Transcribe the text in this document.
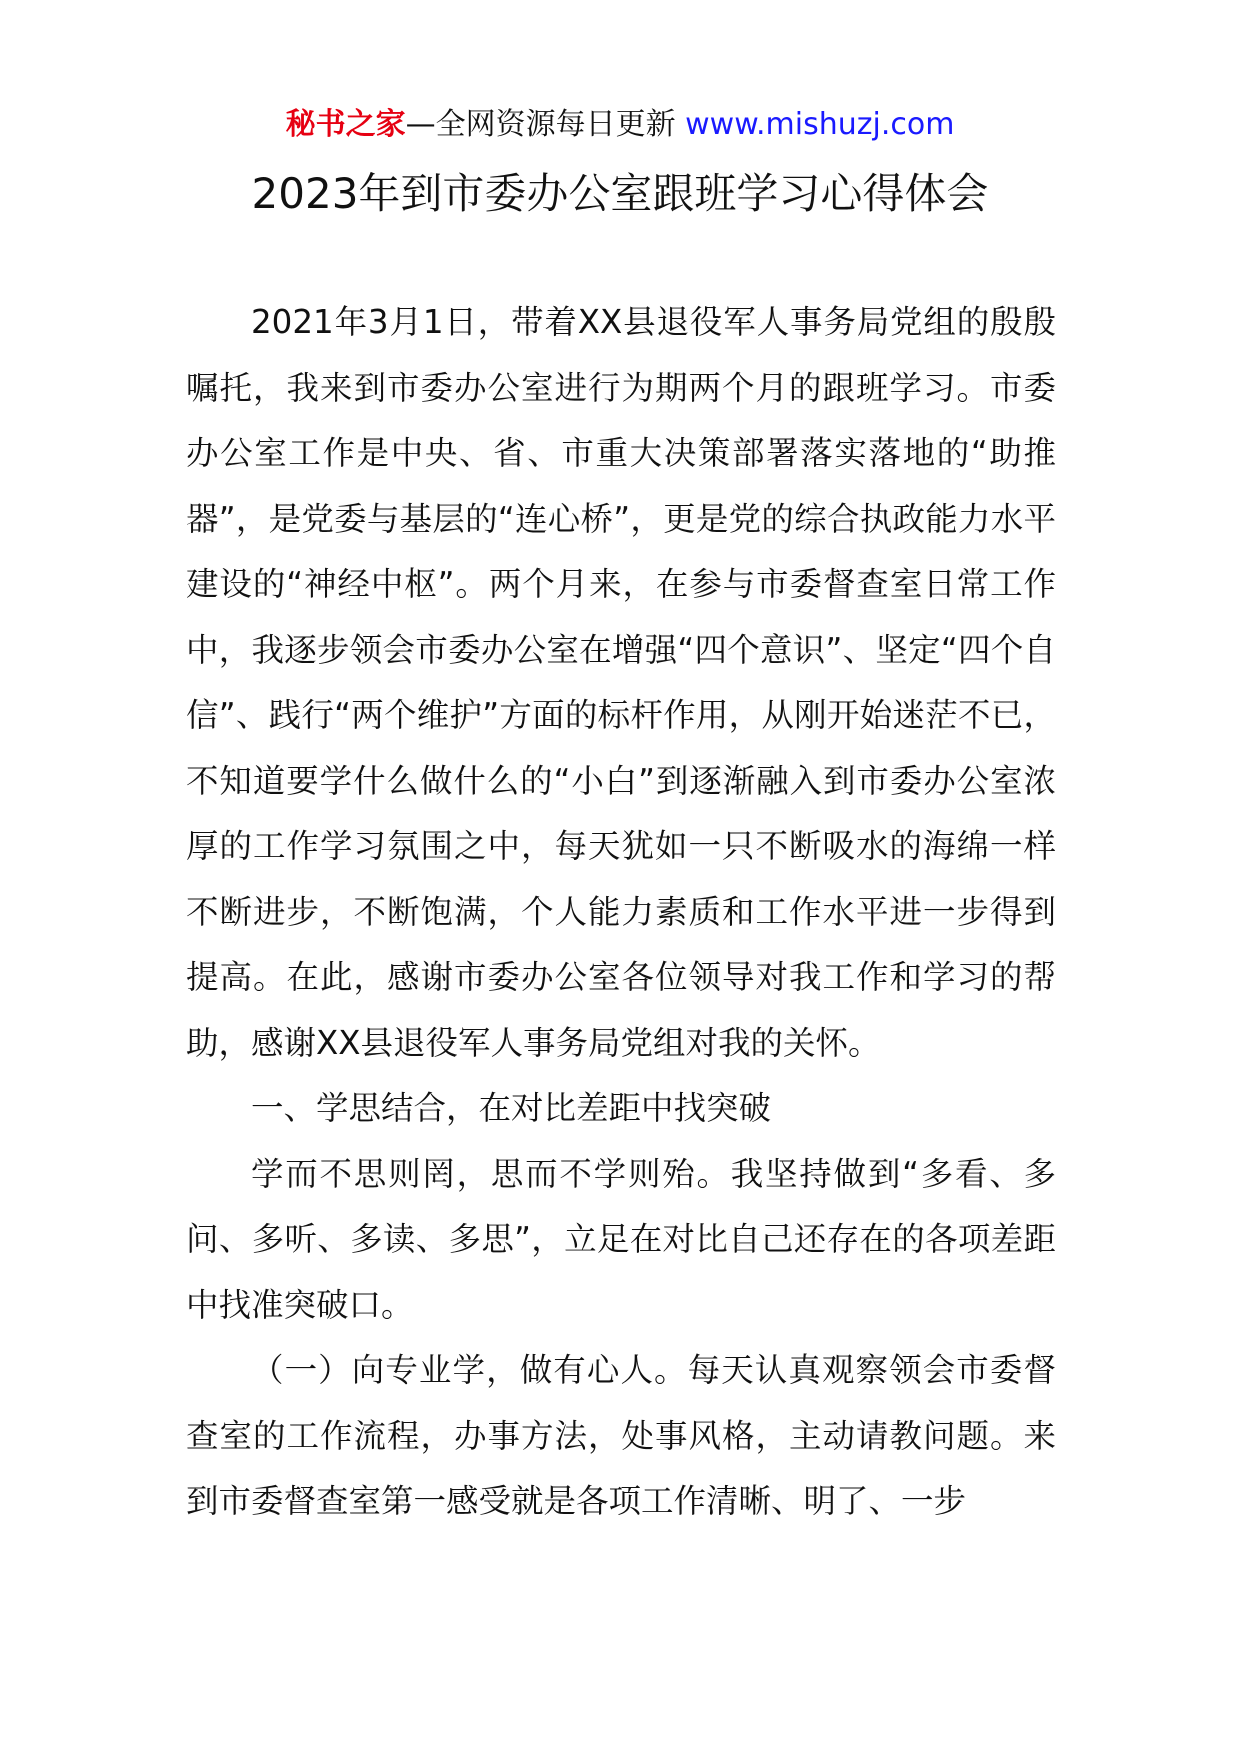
秘书之家—全网资源每日更新 www.mishuzj.com
2023年到市委办公室跟班学习心得体会

2021年3月1日，带着XX县退役军人事务局党组的殷殷嘱托，我来到市委办公室进行为期两个月的跟班学习。市委办公室工作是中央、省、市重大决策部署落实落地的“助推器”，是党委与基层的“连心桥”，更是党的综合执政能力水平建设的“神经中枢”。两个月来，在参与市委督查室日常工作中，我逐步领会市委办公室在增强“四个意识”、坚定“四个自信”、践行“两个维护”方面的标杆作用，从刚开始迷茫不已，不知道要学什么做什么的“小白”到逐渐融入到市委办公室浓厚的工作学习氛围之中，每天犹如一只不断吸水的海绵一样不断进步，不断饱满，个人能力素质和工作水平进一步得到提高。在此，感谢市委办公室各位领导对我工作和学习的帮助，感谢XX县退役军人事务局党组对我的关怀。

一、学思结合，在对比差距中找突破

学而不思则罔，思而不学则殆。我坚持做到“多看、多问、多听、多读、多思”，立足在对比自己还存在的各项差距中找准突破口。

（一）向专业学，做有心人。每天认真观察领会市委督查室的工作流程，办事方法，处事风格，主动请教问题。来到市委督查室第一感受就是各项工作清晰、明了、一步
